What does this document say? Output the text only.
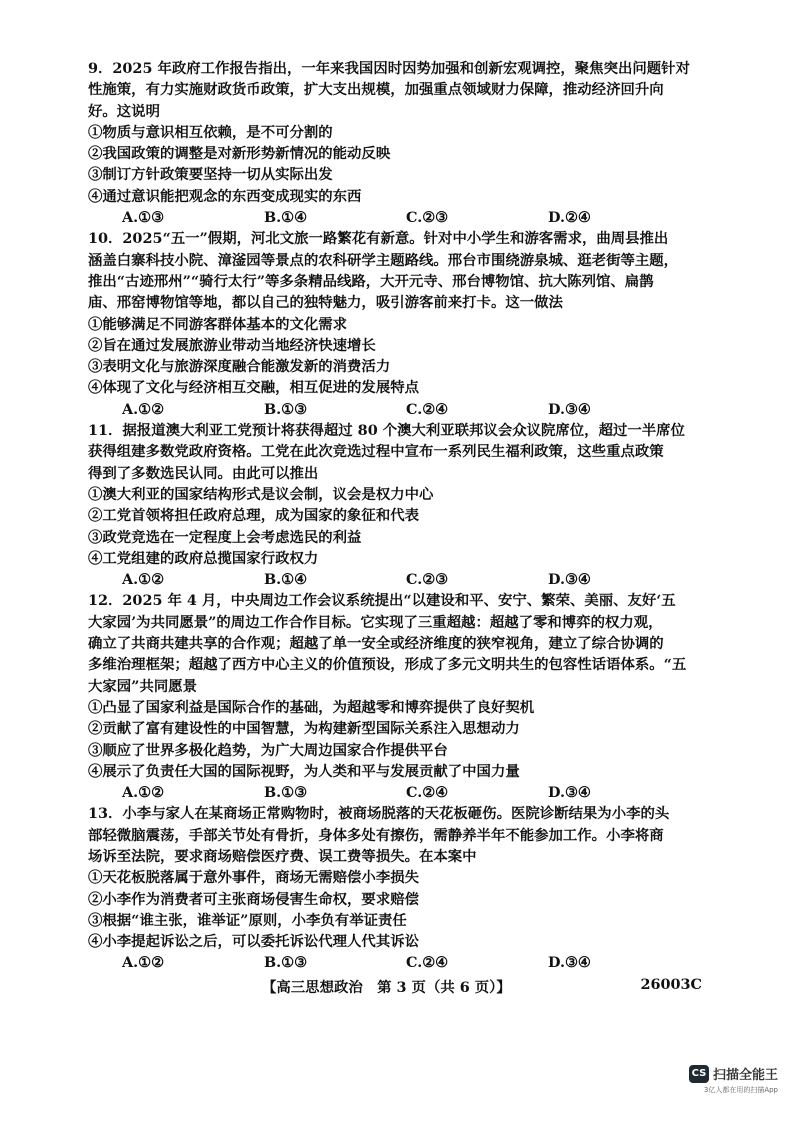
9．2025 年政府工作报告指出，一年来我国因时因势加强和创新宏观调控，聚焦突出问题针对
性施策，有力实施财政货币政策，扩大支出规模，加强重点领域财力保障，推动经济回升向
好。这说明
①物质与意识相互依赖，是不可分割的
②我国政策的调整是对新形势新情况的能动反映
③制订方针政策要坚持一切从实际出发
④通过意识能把观念的东西变成现实的东西
A.①③	B.①④	C.②③	D.②④
10．2025“五一”假期，河北文旅一路繁花有新意。针对中小学生和游客需求，曲周县推出
涵盖白寨科技小院、漳滏园等景点的农科研学主题路线。邢台市围绕游泉城、逛老街等主题，
推出“古迹邢州”“骑行太行”等多条精品线路，大开元寺、邢台博物馆、抗大陈列馆、扁鹊
庙、邢窑博物馆等地，都以自己的独特魅力，吸引游客前来打卡。这一做法
①能够满足不同游客群体基本的文化需求
②旨在通过发展旅游业带动当地经济快速增长
③表明文化与旅游深度融合能激发新的消费活力
④体现了文化与经济相互交融，相互促进的发展特点
A.①②	B.①③	C.②④	D.③④
11．据报道澳大利亚工党预计将获得超过 80 个澳大利亚联邦议会众议院席位，超过一半席位
获得组建多数党政府资格。工党在此次竞选过程中宣布一系列民生福利政策，这些重点政策
得到了多数选民认同。由此可以推出
①澳大利亚的国家结构形式是议会制，议会是权力中心
②工党首领将担任政府总理，成为国家的象征和代表
③政党竞选在一定程度上会考虑选民的利益
④工党组建的政府总揽国家行政权力
A.①②	B.①④	C.②③	D.③④
12．2025 年 4 月，中央周边工作会议系统提出“以建设和平、安宁、繁荣、美丽、友好‘五
大家园’为共同愿景”的周边工作合作目标。它实现了三重超越：超越了零和博弈的权力观，
确立了共商共建共享的合作观；超越了单一安全或经济维度的狭窄视角，建立了综合协调的
多维治理框架；超越了西方中心主义的价值预设，形成了多元文明共生的包容性话语体系。“五
大家园”共同愿景
①凸显了国家利益是国际合作的基础，为超越零和博弈提供了良好契机
②贡献了富有建设性的中国智慧，为构建新型国际关系注入思想动力
③顺应了世界多极化趋势，为广大周边国家合作提供平台
④展示了负责任大国的国际视野，为人类和平与发展贡献了中国力量
A.①②	B.①③	C.②④	D.③④
13．小李与家人在某商场正常购物时，被商场脱落的天花板砸伤。医院诊断结果为小李的头
部轻微脑震荡，手部关节处有骨折，身体多处有擦伤，需静养半年不能参加工作。小李将商
场诉至法院，要求商场赔偿医疗费、误工费等损失。在本案中
①天花板脱落属于意外事件，商场无需赔偿小李损失
②小李作为消费者可主张商场侵害生命权，要求赔偿
③根据“谁主张，谁举证”原则，小李负有举证责任
④小李提起诉讼之后，可以委托诉讼代理人代其诉讼
A.①②	B.①③	C.②④	D.③④
【高三思想政治　第 3 页（共 6 页）】	26003C
CS 扫描全能王
3亿人都在用的扫描App
